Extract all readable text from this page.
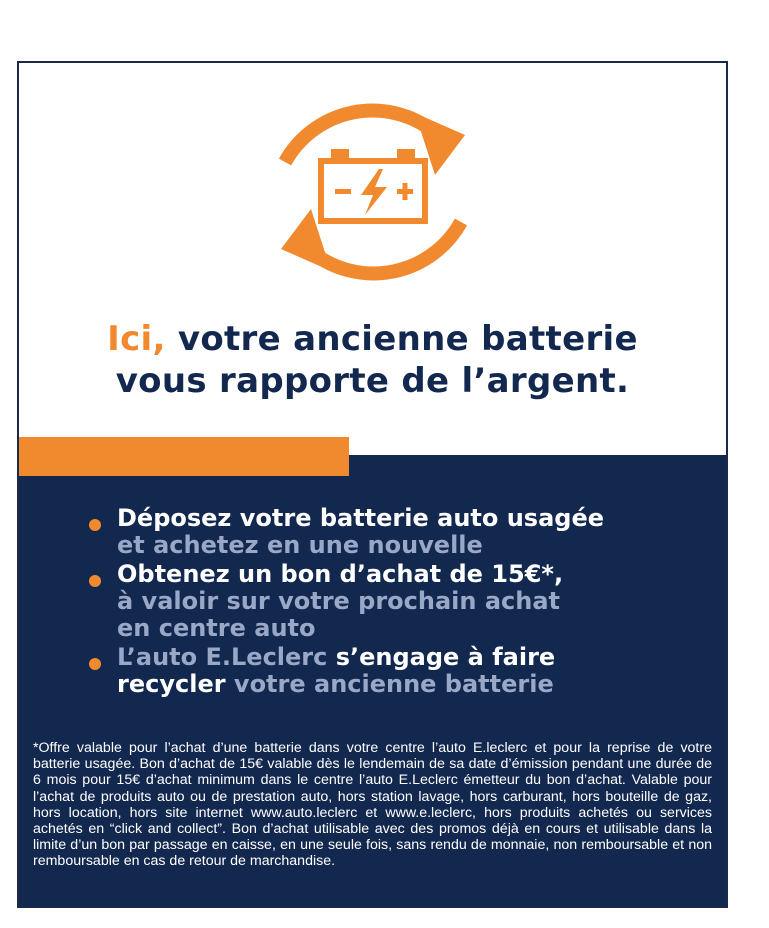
Ici, votre ancienne batterie
vous rapporte de l’argent.
Déposez votre batterie auto usagée
et achetez en une nouvelle
Obtenez un bon d’achat de 15€*,
à valoir sur votre prochain achat
en centre auto
L’auto E.Leclerc s’engage à faire
recycler votre ancienne batterie
*Offre valable pour l’achat d’une batterie dans votre centre l’auto E.leclerc et pour la reprise de votre batterie usagée. Bon d’achat de 15€ valable dès le lendemain de sa date d’émission pendant une durée de 6 mois pour 15€ d’achat minimum dans le centre l’auto E.Leclerc émetteur du bon d’achat. Valable pour l’achat de produits auto ou de prestation auto, hors station lavage, hors carburant, hors bouteille de gaz, hors location, hors site internet www.auto.leclerc et www.e.leclerc, hors produits achetés ou services achetés en “click and collect”. Bon d’achat utilisable avec des promos déjà en cours et utilisable dans la limite d’un bon par passage en caisse, en une seule fois, sans rendu de monnaie, non remboursable et non remboursable en cas de retour de marchandise.
